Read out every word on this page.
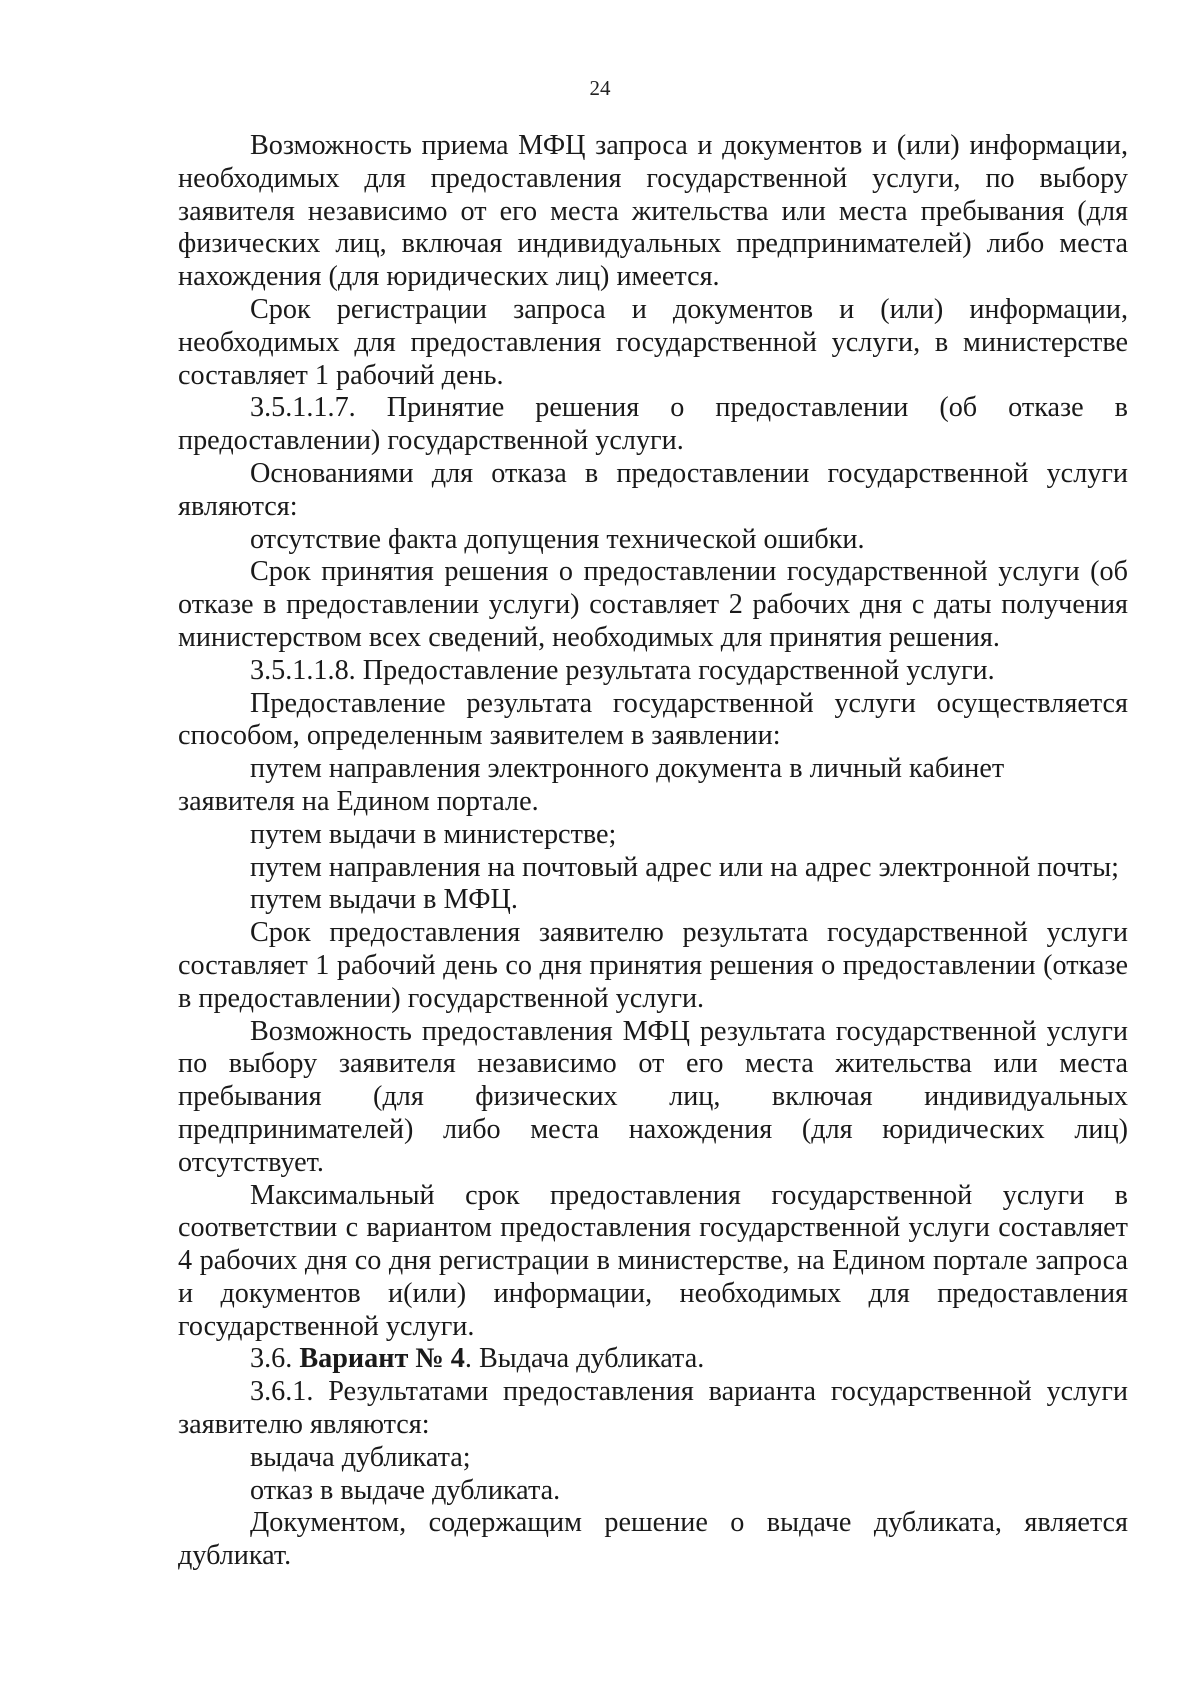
24

Возможность приема МФЦ запроса и документов и (или) информации, необходимых для предоставления государственной услуги, по выбору заявителя независимо от его места жительства или места пребывания (для физических лиц, включая индивидуальных предпринимателей) либо места нахождения (для юридических лиц) имеется.

Срок регистрации запроса и документов и (или) информации, необходимых для предоставления государственной услуги, в министерстве составляет 1 рабочий день.

3.5.1.1.7. Принятие решения о предоставлении (об отказе в предоставлении) государственной услуги.

Основаниями для отказа в предоставлении государственной услуги являются:

отсутствие факта допущения технической ошибки.

Срок принятия решения о предоставлении государственной услуги (об отказе в предоставлении услуги) составляет 2 рабочих дня с даты получения министерством всех сведений, необходимых для принятия решения.

3.5.1.1.8. Предоставление результата государственной услуги.

Предоставление результата государственной услуги осуществляется способом, определенным заявителем в заявлении:

путем направления электронного документа в личный кабинет

заявителя на Едином портале.

путем выдачи в министерстве;

путем направления на почтовый адрес или на адрес электронной почты;

путем выдачи в МФЦ.

Срок предоставления заявителю результата государственной услуги составляет 1 рабочий день со дня принятия решения о предоставлении (отказе в предоставлении) государственной услуги.

Возможность предоставления МФЦ результата государственной услуги по выбору заявителя независимо от его места жительства или места пребывания (для физических лиц, включая индивидуальных предпринимателей) либо места нахождения (для юридических лиц) отсутствует.

Максимальный срок предоставления государственной услуги в соответствии с вариантом предоставления государственной услуги составляет 4 рабочих дня со дня регистрации в министерстве, на Едином портале запроса и документов и(или) информации, необходимых для предоставления государственной услуги.

3.6. Вариант № 4. Выдача дубликата.

3.6.1. Результатами предоставления варианта государственной услуги заявителю являются:

выдача дубликата;

отказ в выдаче дубликата.

Документом, содержащим решение о выдаче дубликата, является дубликат.
